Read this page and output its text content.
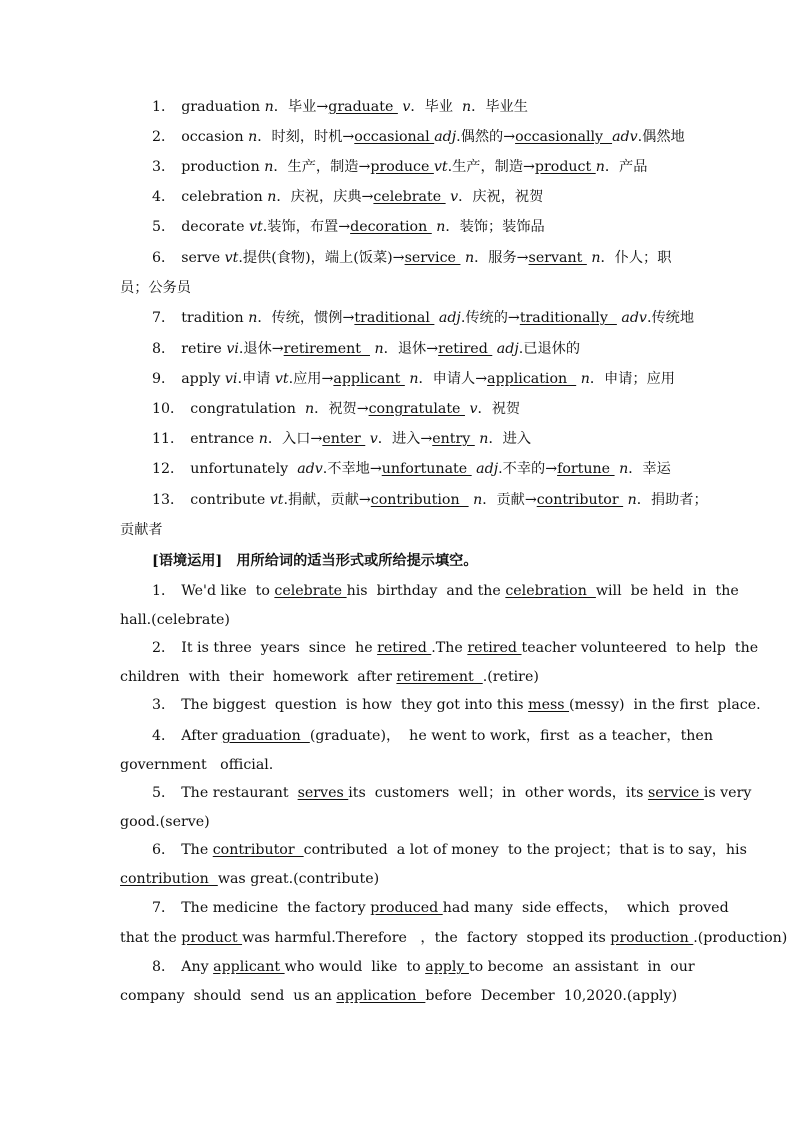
1． graduation n．毕业→graduate  v．毕业  n．毕业生
2． occasion n．时刻，时机→occasional adj.偶然的→occasionally  adv.偶然地
3． production n．生产，制造→produce vt.生产，制造→product n．产品
4． celebration n．庆祝，庆典→celebrate  v．庆祝，祝贺
5． decorate vt.装饰，布置→decoration  n．装饰；装饰品
6． serve vt.提供(食物)，端上(饭菜)→service  n．服务→servant  n．仆人；职
员；公务员
7． tradition n．传统，惯例→traditional  adj.传统的→traditionally   adv.传统地
8． retire vi.退休→retirement   n．退休→retired  adj.已退休的
9． apply vi.申请 vt.应用→applicant  n．申请人→application   n．申请；应用
10． congratulation  n．祝贺→congratulate  v．祝贺
11． entrance n．入口→enter  v．进入→entry  n．进入
12． unfortunately  adv.不幸地→unfortunate  adj.不幸的→fortune  n．幸运
13． contribute vt.捐献，贡献→contribution   n．贡献→contributor  n．捐助者；
贡献者
[语境运用]　用所给词的适当形式或所给提示填空。
1． We'd like  to celebrate his  birthday  and the celebration  will  be held  in  the
hall.(celebrate)
2． It is three  years  since  he retired .The retired teacher volunteered  to help  the
children  with  their  homework  after retirement  .(retire)
3． The biggest  question  is how  they got into this mess (messy)  in the first  place.
4． After graduation  (graduate)，  he went to work，first  as a teacher，then
government   official.
5． The restaurant  serves its  customers  well；in  other words，its service is very
good.(serve)
6． The contributor  contributed  a lot of money  to the project；that is to say，his
contribution  was great.(contribute)
7． The medicine  the factory produced had many  side effects，  which  proved
that the product was harmful.Therefore   ，the  factory  stopped its production .(production)
8． Any applicant who would  like  to apply to become  an assistant  in  our
company  should  send  us an application  before  December  10,2020.(apply)
